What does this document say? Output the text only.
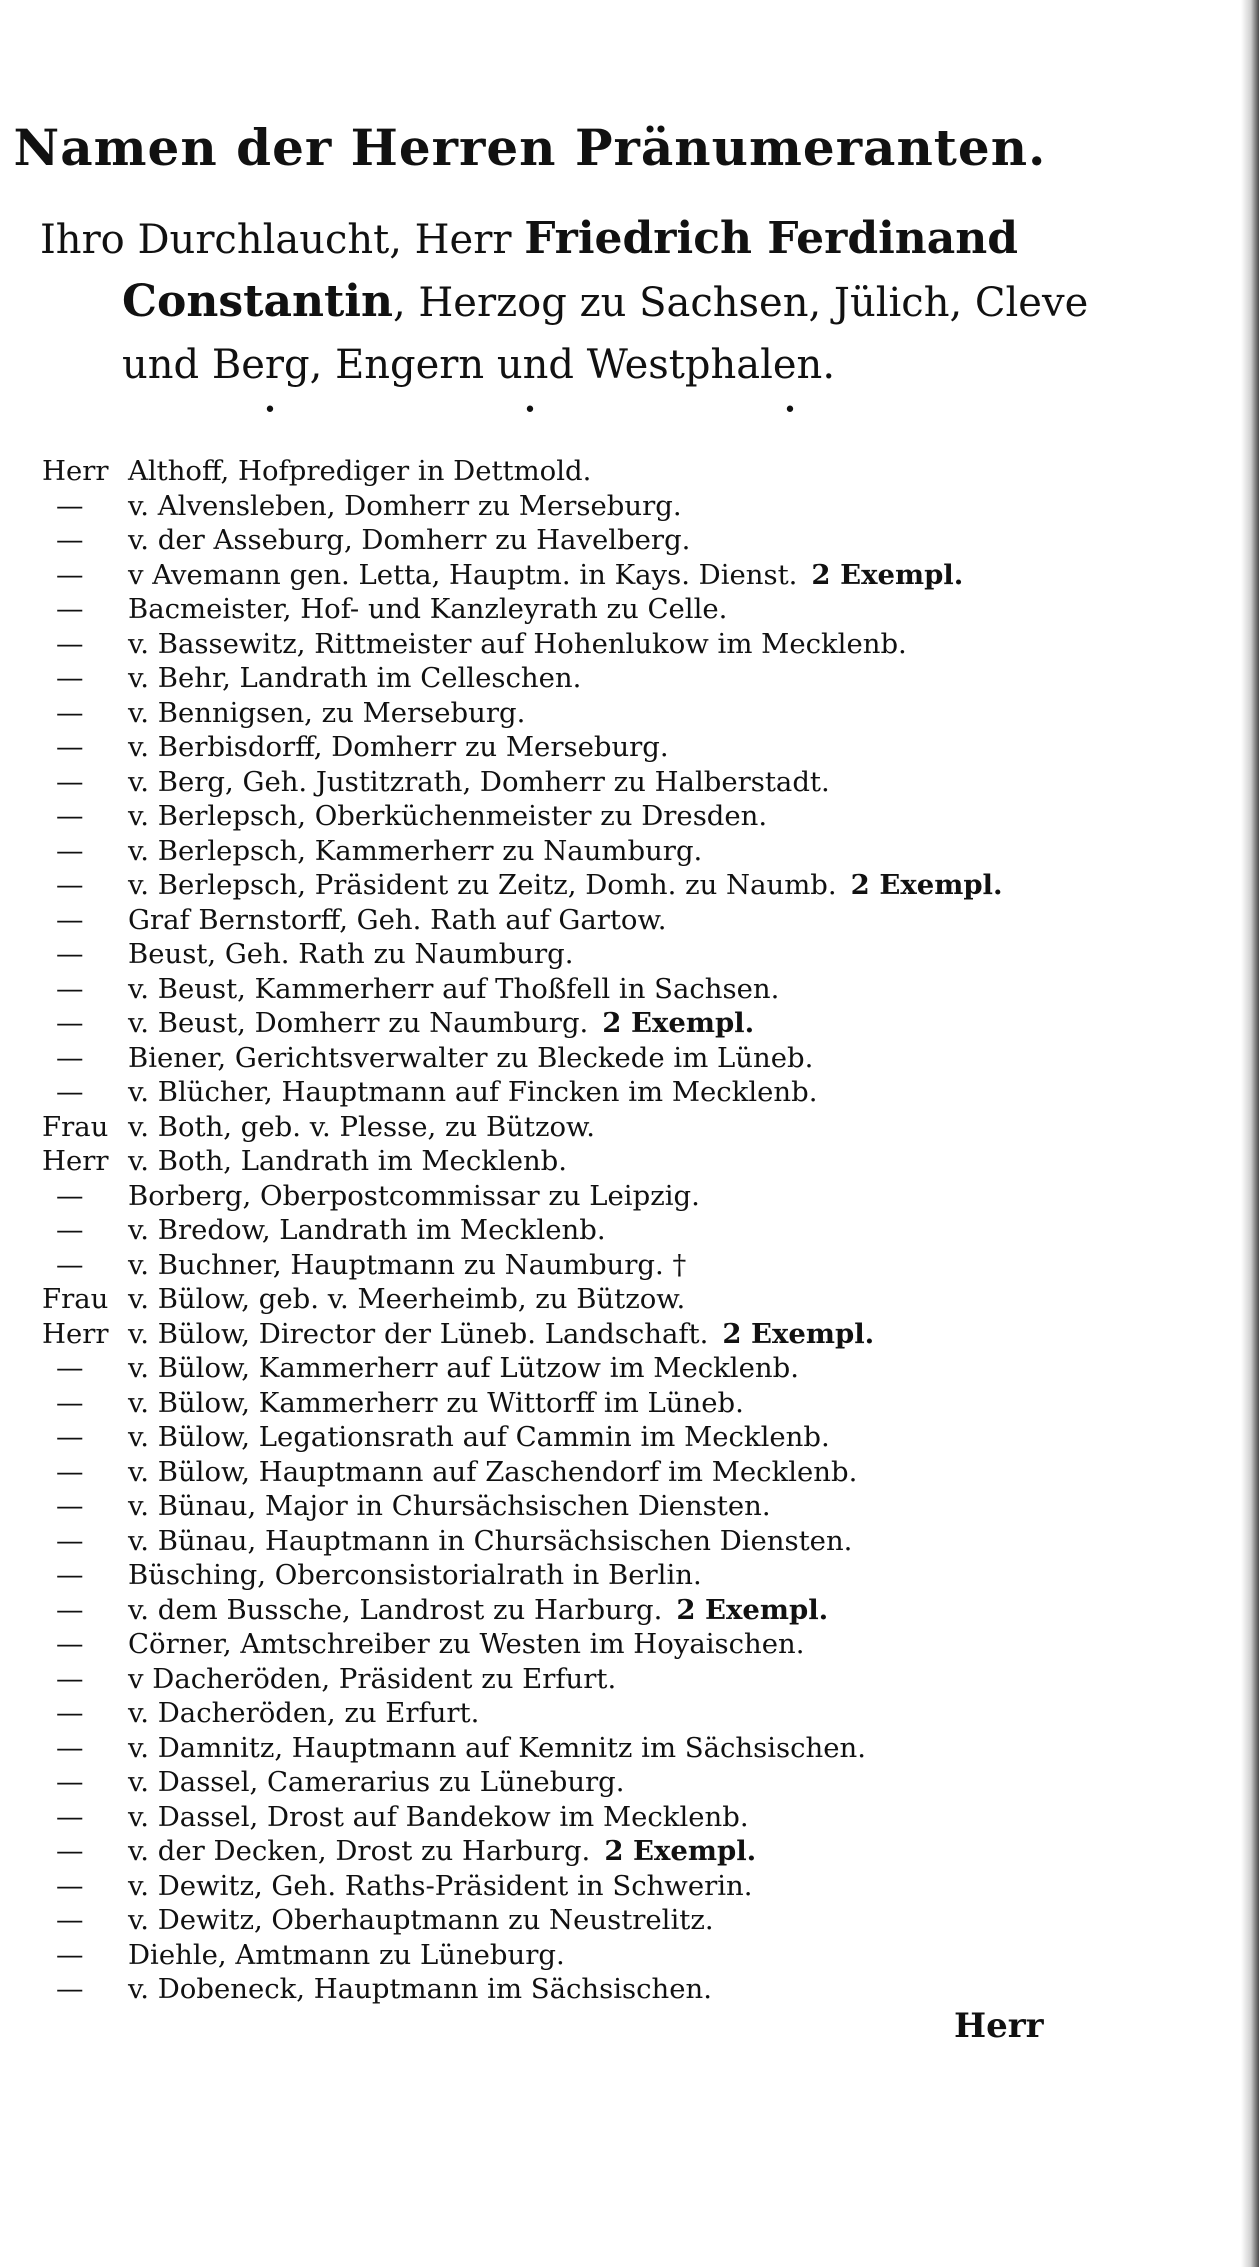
Namen der Herren Pränumeranten.
Ihro Durchlaucht, Herr Friedrich Ferdinand
Constantin, Herzog zu Sachsen, Jülich, Cleve
und Berg, Engern und Westphalen.
• • •
Herr Althoff, Hofprediger in Dettmold.
— v. Alvensleben, Domherr zu Merseburg.
— v. der Asseburg, Domherr zu Havelberg.
— v Avemann gen. Letta, Hauptm. in Kays. Dienst. 2 Exempl.
— Bacmeister, Hof- und Kanzleyrath zu Celle.
— v. Bassewitz, Rittmeister auf Hohenlukow im Mecklenb.
— v. Behr, Landrath im Celleschen.
— v. Bennigsen, zu Merseburg.
— v. Berbisdorff, Domherr zu Merseburg.
— v. Berg, Geh. Justitzrath, Domherr zu Halberstadt.
— v. Berlepsch, Oberküchenmeister zu Dresden.
— v. Berlepsch, Kammerherr zu Naumburg.
— v. Berlepsch, Präsident zu Zeitz, Domh. zu Naumb. 2 Exempl.
— Graf Bernstorff, Geh. Rath auf Gartow.
— Beust, Geh. Rath zu Naumburg.
— v. Beust, Kammerherr auf Thoßfell in Sachsen.
— v. Beust, Domherr zu Naumburg. 2 Exempl.
— Biener, Gerichtsverwalter zu Bleckede im Lüneb.
— v. Blücher, Hauptmann auf Fincken im Mecklenb.
Frau v. Both, geb. v. Plesse, zu Bützow.
Herr v. Both, Landrath im Mecklenb.
— Borberg, Oberpostcommissar zu Leipzig.
— v. Bredow, Landrath im Mecklenb.
— v. Buchner, Hauptmann zu Naumburg. †
Frau v. Bülow, geb. v. Meerheimb, zu Bützow.
Herr v. Bülow, Director der Lüneb. Landschaft. 2 Exempl.
— v. Bülow, Kammerherr auf Lützow im Mecklenb.
— v. Bülow, Kammerherr zu Wittorff im Lüneb.
— v. Bülow, Legationsrath auf Cammin im Mecklenb.
— v. Bülow, Hauptmann auf Zaschendorf im Mecklenb.
— v. Bünau, Major in Chursächsischen Diensten.
— v. Bünau, Hauptmann in Chursächsischen Diensten.
— Büsching, Oberconsistorialrath in Berlin.
— v. dem Bussche, Landrost zu Harburg. 2 Exempl.
— Cörner, Amtschreiber zu Westen im Hoyaischen.
— v Dacheröden, Präsident zu Erfurt.
— v. Dacheröden, zu Erfurt.
— v. Damnitz, Hauptmann auf Kemnitz im Sächsischen.
— v. Dassel, Camerarius zu Lüneburg.
— v. Dassel, Drost auf Bandekow im Mecklenb.
— v. der Decken, Drost zu Harburg. 2 Exempl.
— v. Dewitz, Geh. Raths-Präsident in Schwerin.
— v. Dewitz, Oberhauptmann zu Neustrelitz.
— Diehle, Amtmann zu Lüneburg.
— v. Dobeneck, Hauptmann im Sächsischen.
Herr
